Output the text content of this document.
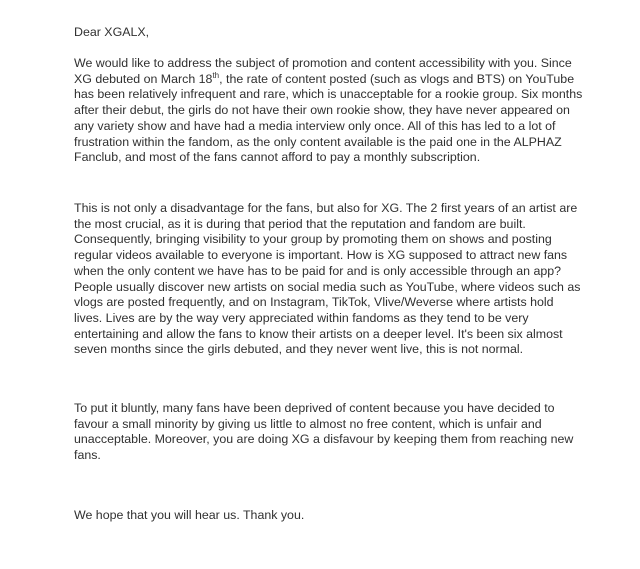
Dear XGALX,

We would like to address the subject of promotion and content accessibility with you. Since
XG debuted on March 18th, the rate of content posted (such as vlogs and BTS) on YouTube
has been relatively infrequent and rare, which is unacceptable for a rookie group. Six months
after their debut, the girls do not have their own rookie show, they have never appeared on
any variety show and have had a media interview only once. All of this has led to a lot of
frustration within the fandom, as the only content available is the paid one in the ALPHAZ
Fanclub, and most of the fans cannot afford to pay a monthly subscription.

This is not only a disadvantage for the fans, but also for XG. The 2 first years of an artist are
the most crucial, as it is during that period that the reputation and fandom are built.
Consequently, bringing visibility to your group by promoting them on shows and posting
regular videos available to everyone is important. How is XG supposed to attract new fans
when the only content we have has to be paid for and is only accessible through an app?
People usually discover new artists on social media such as YouTube, where videos such as
vlogs are posted frequently, and on Instagram, TikTok, Vlive/Weverse where artists hold
lives. Lives are by the way very appreciated within fandoms as they tend to be very
entertaining and allow the fans to know their artists on a deeper level. It's been six almost
seven months since the girls debuted, and they never went live, this is not normal.

To put it bluntly, many fans have been deprived of content because you have decided to
favour a small minority by giving us little to almost no free content, which is unfair and
unacceptable. Moreover, you are doing XG a disfavour by keeping them from reaching new
fans.

We hope that you will hear us. Thank you.
